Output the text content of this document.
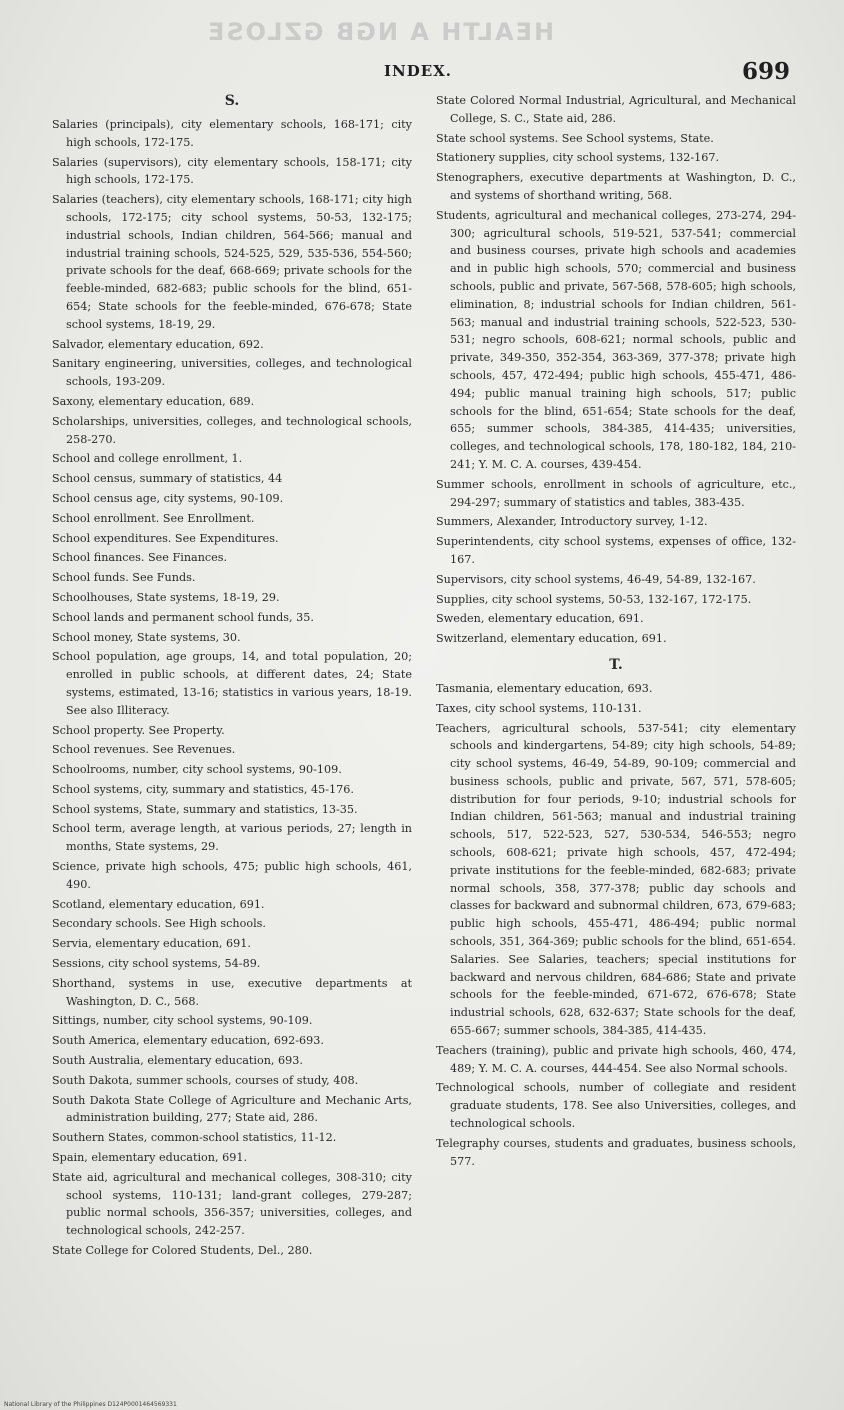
HEALTH A NGB GZLOSE
INDEX.	699
S.
Salaries (principals), city elementary schools, 168-171; city high schools, 172-175.
Salaries (supervisors), city elementary schools, 158-171; city high schools, 172-175.
Salaries (teachers), city elementary schools, 168-171; city high schools, 172-175; city school systems, 50-53, 132-175; industrial schools, Indian children, 564-566; manual and industrial training schools, 524-525, 529, 535-536, 554-560; private schools for the deaf, 668-669; private schools for the feeble-minded, 682-683; public schools for the blind, 651-654; State schools for the feeble-minded, 676-678; State school systems, 18-19, 29.
Salvador, elementary education, 692.
Sanitary engineering, universities, colleges, and technological schools, 193-209.
Saxony, elementary education, 689.
Scholarships, universities, colleges, and technological schools, 258-270.
School and college enrollment, 1.
School census, summary of statistics, 44
School census age, city systems, 90-109.
School enrollment. See Enrollment.
School expenditures. See Expenditures.
School finances. See Finances.
School funds. See Funds.
Schoolhouses, State systems, 18-19, 29.
School lands and permanent school funds, 35.
School money, State systems, 30.
School population, age groups, 14, and total population, 20; enrolled in public schools, at different dates, 24; State systems, estimated, 13-16; statistics in various years, 18-19. See also Illiteracy.
School property. See Property.
School revenues. See Revenues.
Schoolrooms, number, city school systems, 90-109.
School systems, city, summary and statistics, 45-176.
School systems, State, summary and statistics, 13-35.
School term, average length, at various periods, 27; length in months, State systems, 29.
Science, private high schools, 475; public high schools, 461, 490.
Scotland, elementary education, 691.
Secondary schools. See High schools.
Servia, elementary education, 691.
Sessions, city school systems, 54-89.
Shorthand, systems in use, executive departments at Washington, D. C., 568.
Sittings, number, city school systems, 90-109.
South America, elementary education, 692-693.
South Australia, elementary education, 693.
South Dakota, summer schools, courses of study, 408.
South Dakota State College of Agriculture and Mechanic Arts, administration building, 277; State aid, 286.
Southern States, common-school statistics, 11-12.
Spain, elementary education, 691.
State aid, agricultural and mechanical colleges, 308-310; city school systems, 110-131; land-grant colleges, 279-287; public normal schools, 356-357; universities, colleges, and technological schools, 242-257.
State College for Colored Students, Del., 280.
State Colored Normal Industrial, Agricultural, and Mechanical College, S. C., State aid, 286.
State school systems. See School systems, State.
Stationery supplies, city school systems, 132-167.
Stenographers, executive departments at Washington, D. C., and systems of shorthand writing, 568.
Students, agricultural and mechanical colleges, 273-274, 294-300; agricultural schools, 519-521, 537-541; commercial and business courses, private high schools and academies and in public high schools, 570; commercial and business schools, public and private, 567-568, 578-605; high schools, elimination, 8; industrial schools for Indian children, 561-563; manual and industrial training schools, 522-523, 530-531; negro schools, 608-621; normal schools, public and private, 349-350, 352-354, 363-369, 377-378; private high schools, 457, 472-494; public high schools, 455-471, 486-494; public manual training high schools, 517; public schools for the blind, 651-654; State schools for the deaf, 655; summer schools, 384-385, 414-435; universities, colleges, and technological schools, 178, 180-182, 184, 210-241; Y. M. C. A. courses, 439-454.
Summer schools, enrollment in schools of agriculture, etc., 294-297; summary of statistics and tables, 383-435.
Summers, Alexander, Introductory survey, 1-12.
Superintendents, city school systems, expenses of office, 132-167.
Supervisors, city school systems, 46-49, 54-89, 132-167.
Supplies, city school systems, 50-53, 132-167, 172-175.
Sweden, elementary education, 691.
Switzerland, elementary education, 691.
T.
Tasmania, elementary education, 693.
Taxes, city school systems, 110-131.
Teachers, agricultural schools, 537-541; city elementary schools and kindergartens, 54-89; city high schools, 54-89; city school systems, 46-49, 54-89, 90-109; commercial and business schools, public and private, 567, 571, 578-605; distribution for four periods, 9-10; industrial schools for Indian children, 561-563; manual and industrial training schools, 517, 522-523, 527, 530-534, 546-553; negro schools, 608-621; private high schools, 457, 472-494; private institutions for the feeble-minded, 682-683; private normal schools, 358, 377-378; public day schools and classes for backward and subnormal children, 673, 679-683; public high schools, 455-471, 486-494; public normal schools, 351, 364-369; public schools for the blind, 651-654. Salaries. See Salaries, teachers; special institutions for backward and nervous children, 684-686; State and private schools for the feeble-minded, 671-672, 676-678; State industrial schools, 628, 632-637; State schools for the deaf, 655-667; summer schools, 384-385, 414-435.
Teachers (training), public and private high schools, 460, 474, 489; Y. M. C. A. courses, 444-454. See also Normal schools.
Technological schools, number of collegiate and resident graduate students, 178. See also Universities, colleges, and technological schools.
Telegraphy courses, students and graduates, business schools, 577.
National Library of the Philippines D124P0001464569331
